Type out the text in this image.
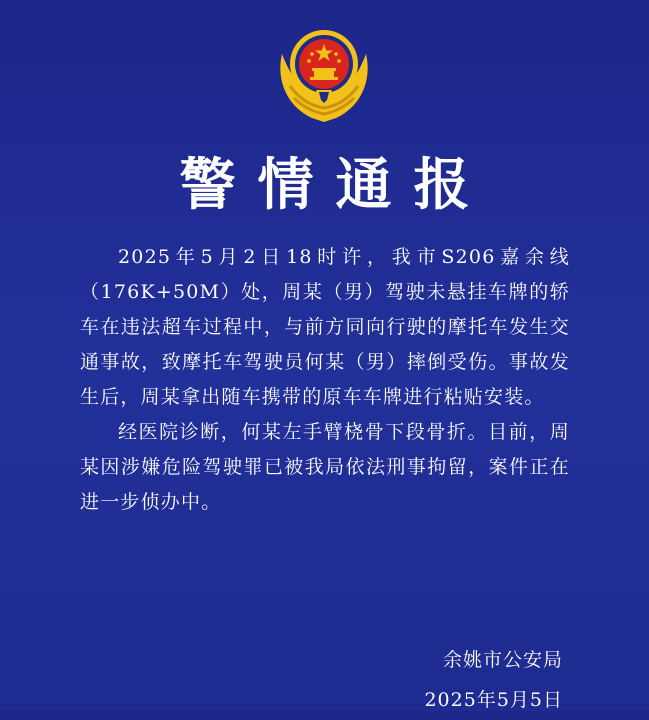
警情通报

2025年5月2日18时许，我市S206嘉余线（176K+50M）处，周某（男）驾驶未悬挂车牌的轿车在违法超车过程中，与前方同向行驶的摩托车发生交通事故，致摩托车驾驶员何某（男）摔倒受伤。事故发生后，周某拿出随车携带的原车车牌进行粘贴安装。

经医院诊断，何某左手臂桡骨下段骨折。目前，周某因涉嫌危险驾驶罪已被我局依法刑事拘留，案件正在进一步侦办中。

余姚市公安局
2025年5月5日
